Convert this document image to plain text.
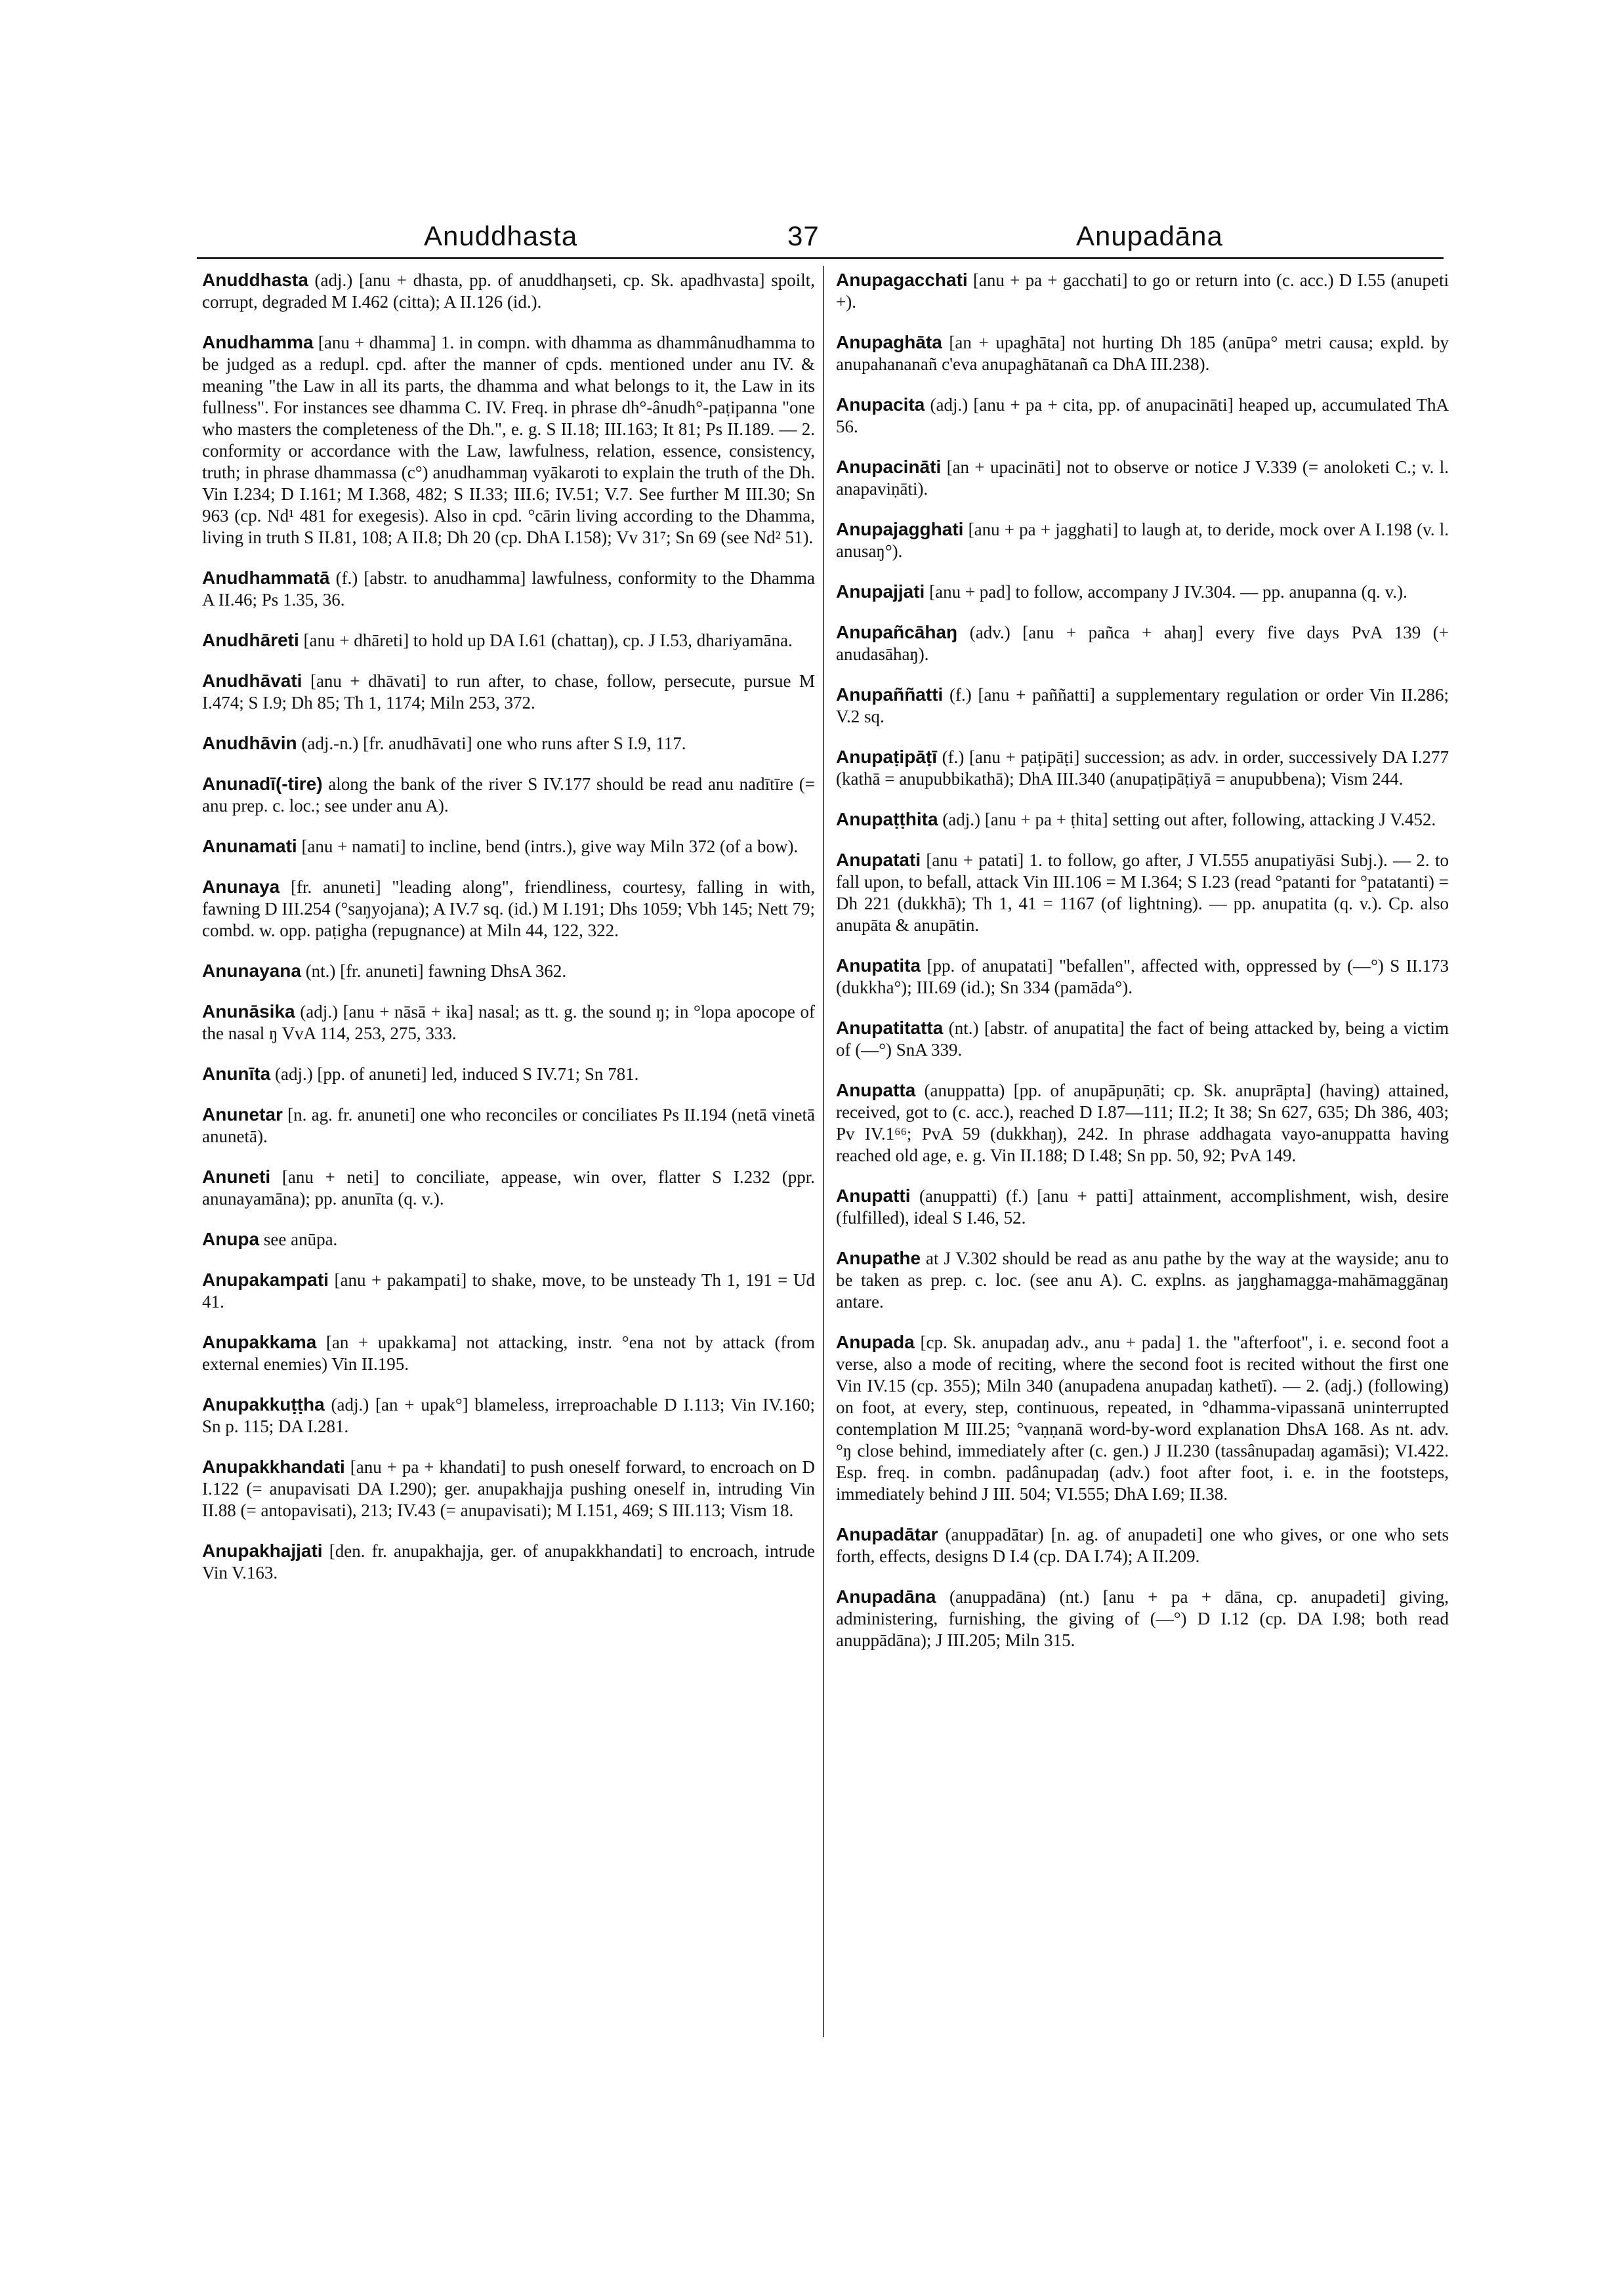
Anuddhasta	37	Anupadāna

Anuddhasta (adj.) [anu + dhasta, pp. of anuddhaŋseti, cp. Sk. apadhvasta] spoilt, corrupt, degraded M I.462 (citta); A II.126 (id.).

Anudhamma [anu + dhamma] 1. in compn. with dhamma as dhammânudhamma to be judged as a redupl. cpd. after the manner of cpds. mentioned under anu IV. & meaning "the Law in all its parts, the dhamma and what belongs to it, the Law in its fullness". For instances see dhamma C. IV. Freq. in phrase dh°-ânudh°-paṭipanna "one who masters the completeness of the Dh.", e. g. S II.18; III.163; It 81; Ps II.189. — 2. conformity or accordance with the Law, lawfulness, relation, essence, consistency, truth; in phrase dhammassa (c°) anudhammaŋ vyākaroti to explain the truth of the Dh. Vin I.234; D I.161; M I.368, 482; S II.33; III.6; IV.51; V.7. See further M III.30; Sn 963 (cp. Nd¹ 481 for exegesis). Also in cpd. °cārin living according to the Dhamma, living in truth S II.81, 108; A II.8; Dh 20 (cp. DhA I.158); Vv 31⁷; Sn 69 (see Nd² 51).

Anudhammatā (f.) [abstr. to anudhamma] lawfulness, conformity to the Dhamma A II.46; Ps 1.35, 36.

Anudhāreti [anu + dhāreti] to hold up DA I.61 (chattaŋ), cp. J I.53, dhariyamāna.

Anudhāvati [anu + dhāvati] to run after, to chase, follow, persecute, pursue M I.474; S I.9; Dh 85; Th 1, 1174; Miln 253, 372.

Anudhāvin (adj.-n.) [fr. anudhāvati] one who runs after S I.9, 117.

Anunadī(-tire) along the bank of the river S IV.177 should be read anu nadītīre (= anu prep. c. loc.; see under anu A).

Anunamati [anu + namati] to incline, bend (intrs.), give way Miln 372 (of a bow).

Anunaya [fr. anuneti] "leading along", friendliness, courtesy, falling in with, fawning D III.254 (°saŋyojana); A IV.7 sq. (id.) M I.191; Dhs 1059; Vbh 145; Nett 79; combd. w. opp. paṭigha (repugnance) at Miln 44, 122, 322.

Anunayana (nt.) [fr. anuneti] fawning DhsA 362.

Anunāsika (adj.) [anu + nāsā + ika] nasal; as tt. g. the sound ŋ; in °lopa apocope of the nasal ŋ VvA 114, 253, 275, 333.

Anunīta (adj.) [pp. of anuneti] led, induced S IV.71; Sn 781.

Anunetar [n. ag. fr. anuneti] one who reconciles or conciliates Ps II.194 (netā vinetā anunetā).

Anuneti [anu + neti] to conciliate, appease, win over, flatter S I.232 (ppr. anunayamāna); pp. anunīta (q. v.).

Anupa see anūpa.

Anupakampati [anu + pakampati] to shake, move, to be unsteady Th 1, 191 = Ud 41.

Anupakkama [an + upakkama] not attacking, instr. °ena not by attack (from external enemies) Vin II.195.

Anupakkuṭṭha (adj.) [an + upak°] blameless, irreproachable D I.113; Vin IV.160; Sn p. 115; DA I.281.

Anupakkhandati [anu + pa + khandati] to push oneself forward, to encroach on D I.122 (= anupavisati DA I.290); ger. anupakhajja pushing oneself in, intruding Vin II.88 (= antopavisati), 213; IV.43 (= anupavisati); M I.151, 469; S III.113; Vism 18.

Anupakhajjati [den. fr. anupakhajja, ger. of anupakkhandati] to encroach, intrude Vin V.163.

Anupagacchati [anu + pa + gacchati] to go or return into (c. acc.) D I.55 (anupeti +).

Anupaghāta [an + upaghāta] not hurting Dh 185 (anūpa° metri causa; expld. by anupahananañ c'eva anupaghātanañ ca DhA III.238).

Anupacita (adj.) [anu + pa + cita, pp. of anupacināti] heaped up, accumulated ThA 56.

Anupacināti [an + upacināti] not to observe or notice J V.339 (= anoloketi C.; v. l. anapaviṇāti).

Anupajagghati [anu + pa + jagghati] to laugh at, to deride, mock over A I.198 (v. l. anusaŋ°).

Anupajjati [anu + pad] to follow, accompany J IV.304. — pp. anupanna (q. v.).

Anupañcāhaŋ (adv.) [anu + pañca + ahaŋ] every five days PvA 139 (+ anudasāhaŋ).

Anupaññatti (f.) [anu + paññatti] a supplementary regulation or order Vin II.286; V.2 sq.

Anupaṭipāṭī (f.) [anu + paṭipāṭi] succession; as adv. in order, successively DA I.277 (kathā = anupubbikathā); DhA III.340 (anupaṭipāṭiyā = anupubbena); Vism 244.

Anupaṭṭhita (adj.) [anu + pa + ṭhita] setting out after, following, attacking J V.452.

Anupatati [anu + patati] 1. to follow, go after, J VI.555 anupatiyāsi Subj.). — 2. to fall upon, to befall, attack Vin III.106 = M I.364; S I.23 (read °patanti for °patatanti) = Dh 221 (dukkhā); Th 1, 41 = 1167 (of lightning). — pp. anupatita (q. v.). Cp. also anupāta & anupātin.

Anupatita [pp. of anupatati] "befallen", affected with, oppressed by (—°) S II.173 (dukkha°); III.69 (id.); Sn 334 (pamāda°).

Anupatitatta (nt.) [abstr. of anupatita] the fact of being attacked by, being a victim of (—°) SnA 339.

Anupatta (anuppatta) [pp. of anupāpuṇāti; cp. Sk. anuprāpta] (having) attained, received, got to (c. acc.), reached D I.87—111; II.2; It 38; Sn 627, 635; Dh 386, 403; Pv IV.1⁶⁶; PvA 59 (dukkhaŋ), 242. In phrase addhagata vayo-anuppatta having reached old age, e. g. Vin II.188; D I.48; Sn pp. 50, 92; PvA 149.

Anupatti (anuppatti) (f.) [anu + patti] attainment, accomplishment, wish, desire (fulfilled), ideal S I.46, 52.

Anupathe at J V.302 should be read as anu pathe by the way at the wayside; anu to be taken as prep. c. loc. (see anu A). C. explns. as jaŋghamagga-mahāmaggānaŋ antare.

Anupada [cp. Sk. anupadaŋ adv., anu + pada] 1. the "afterfoot", i. e. second foot a verse, also a mode of reciting, where the second foot is recited without the first one Vin IV.15 (cp. 355); Miln 340 (anupadena anupadaŋ kathetī). — 2. (adj.) (following) on foot, at every, step, continuous, repeated, in °dhamma-vipassanā uninterrupted contemplation M III.25; °vaṇṇanā word-by-word explanation DhsA 168. As nt. adv. °ŋ close behind, immediately after (c. gen.) J II.230 (tassânupadaŋ agamāsi); VI.422. Esp. freq. in combn. padânupadaŋ (adv.) foot after foot, i. e. in the footsteps, immediately behind J III. 504; VI.555; DhA I.69; II.38.

Anupadātar (anuppadātar) [n. ag. of anupadeti] one who gives, or one who sets forth, effects, designs D I.4 (cp. DA I.74); A II.209.

Anupadāna (anuppadāna) (nt.) [anu + pa + dāna, cp. anupadeti] giving, administering, furnishing, the giving of (—°) D I.12 (cp. DA I.98; both read anuppādāna); J III.205; Miln 315.
